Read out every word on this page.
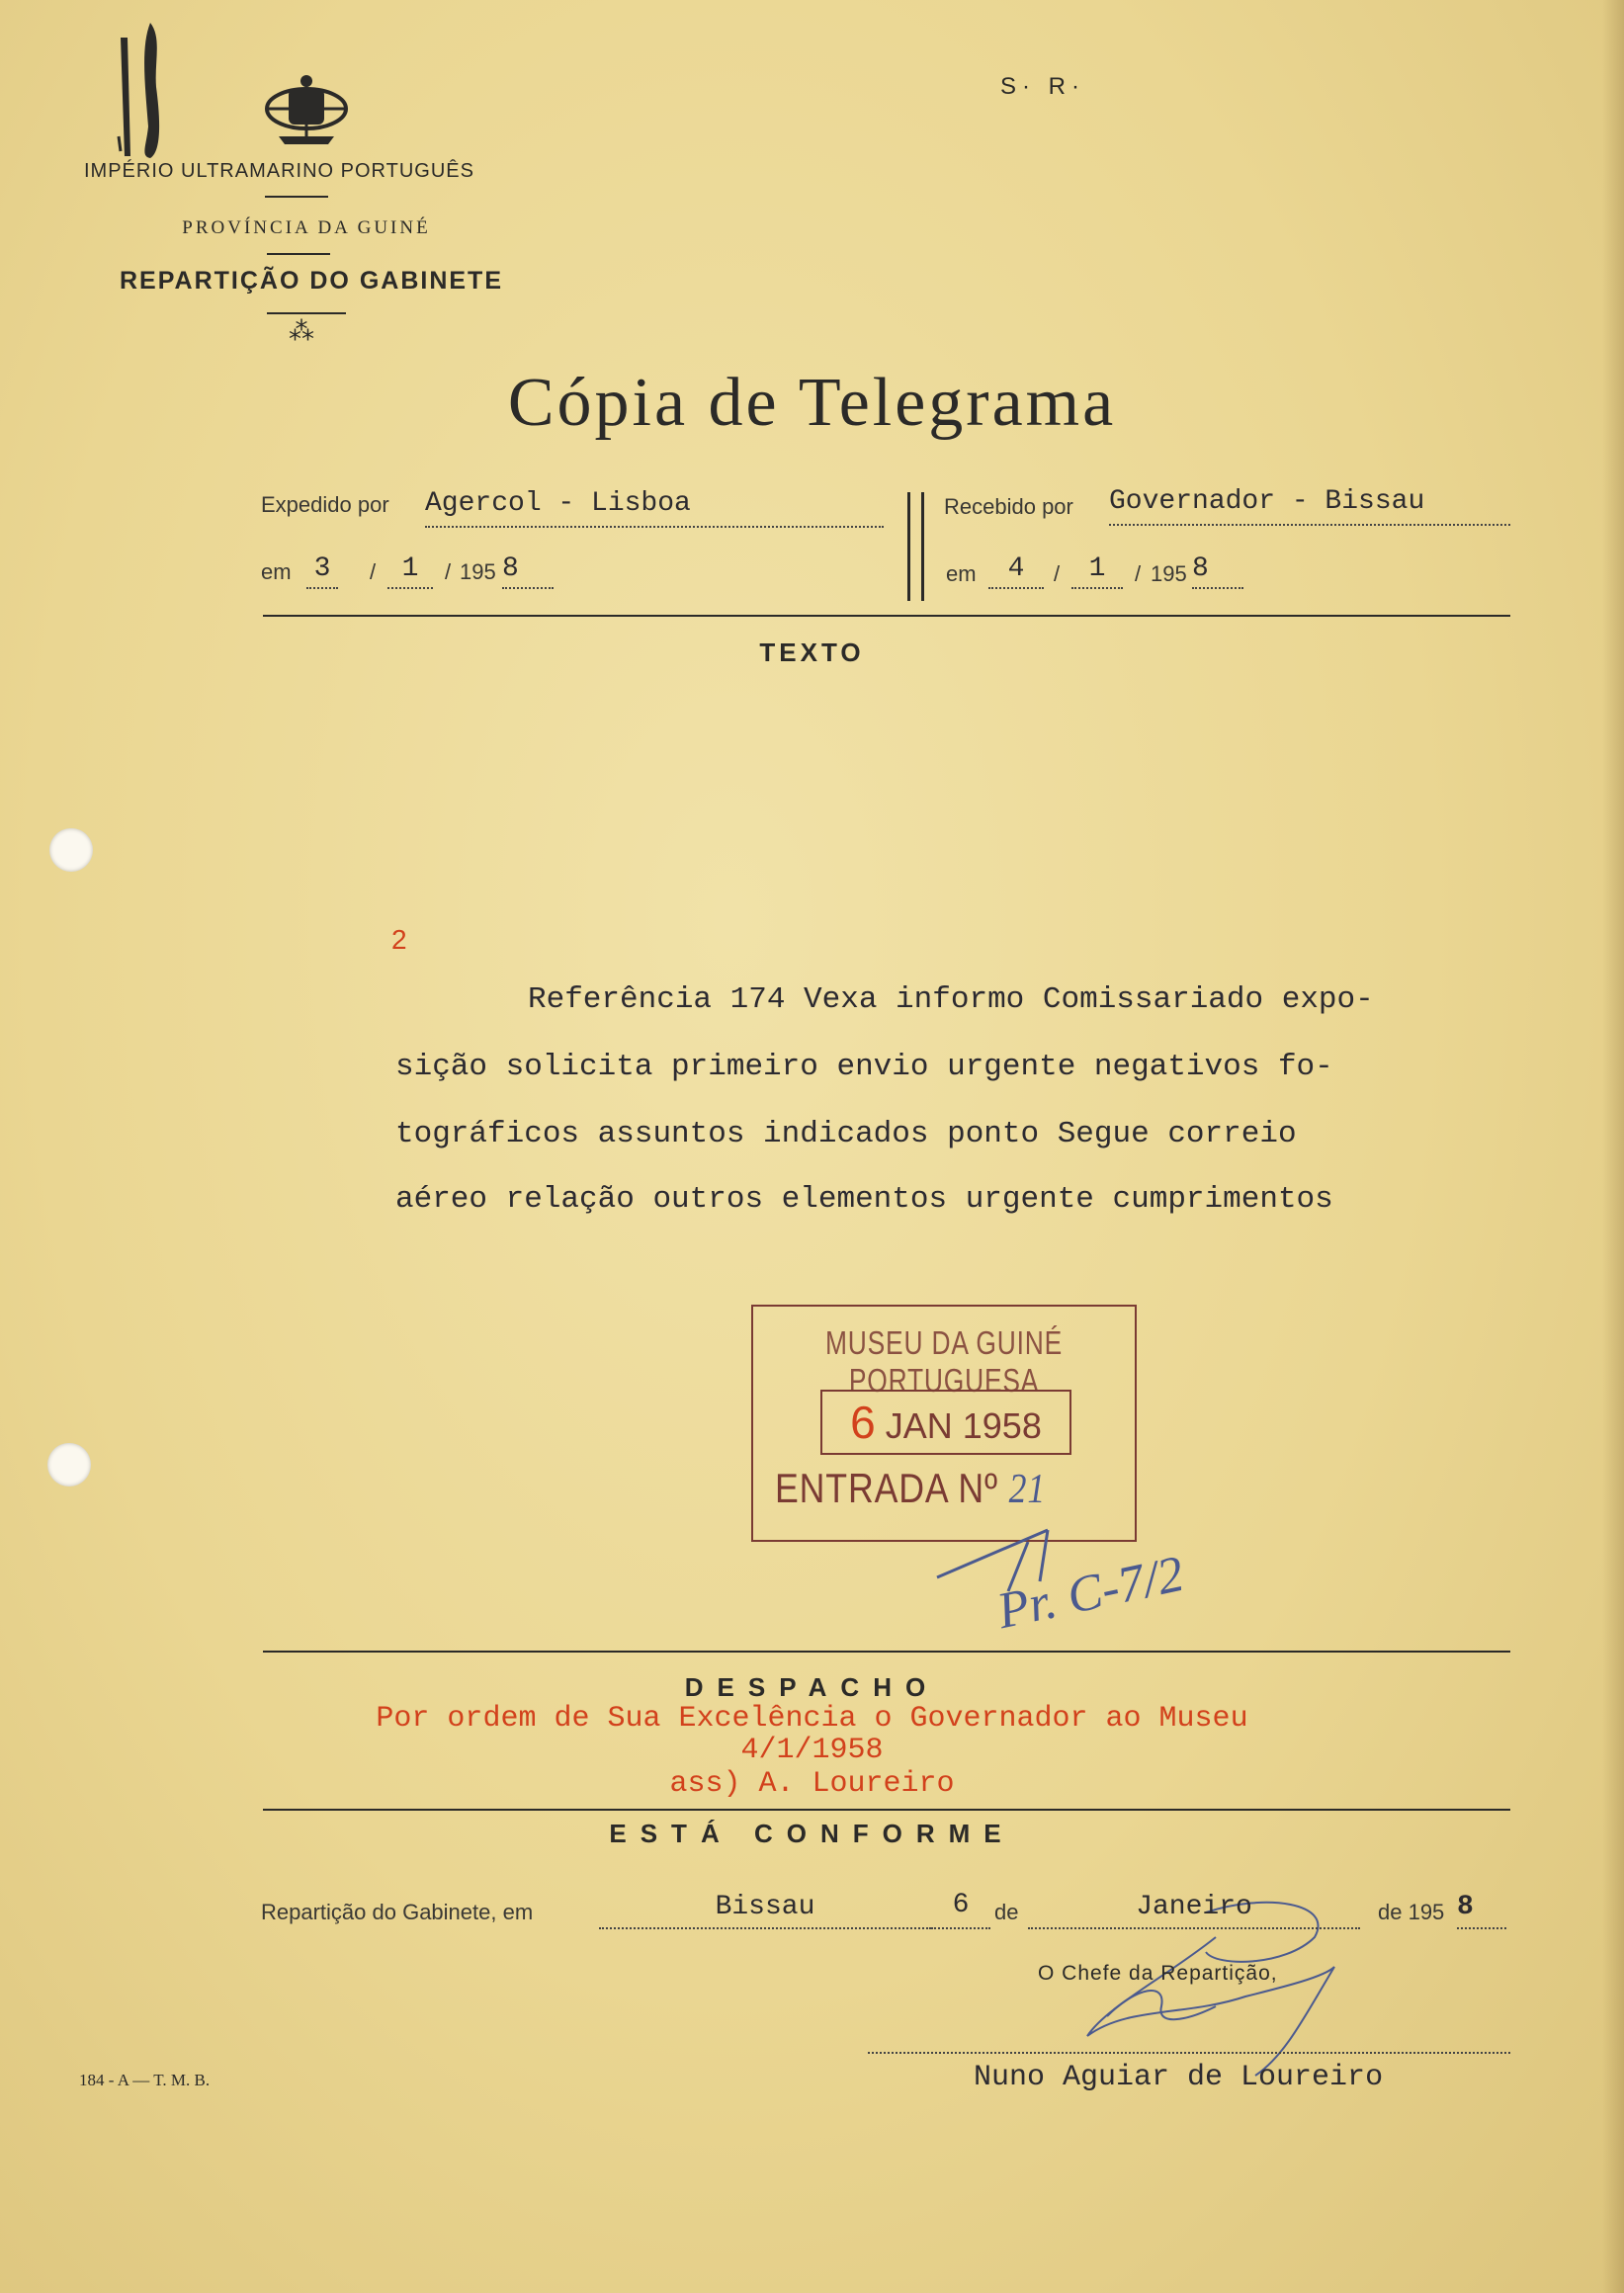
S· R·
IMPÉRIO ULTRAMARINO PORTUGUÊS
PROVÍNCIA DA GUINÉ
REPARTIÇÃO DO GABINETE
⁂
Cópia de Telegrama
Expedido por Agercol - Lisboa
em 3	/ 1	/ 195 8
Recebido por Governador - Bissau
em	4	/	1	/ 195 8
TEXTO
2
Referência 174 Vexa informo Comissariado expo-
sição solicita primeiro envio urgente negativos fo-
tográficos assuntos indicados ponto Segue correio
aéreo relação outros elementos urgente cumprimentos
MUSEU DA GUINÉ PORTUGUESA
6 JAN 1958
ENTRADA Nº 21
Pr. C-7/2
DESPACHO
Por ordem de Sua Excelência o Governador ao Museu
4/1/1958
ass) A. Loureiro
ESTÁ CONFORME
Repartição do Gabinete, em	Bissau	6	de	Janeiro	de 195 8
O Chefe da Repartição,
Nuno Aguiar de Loureiro
184 - A — T. M. B.
